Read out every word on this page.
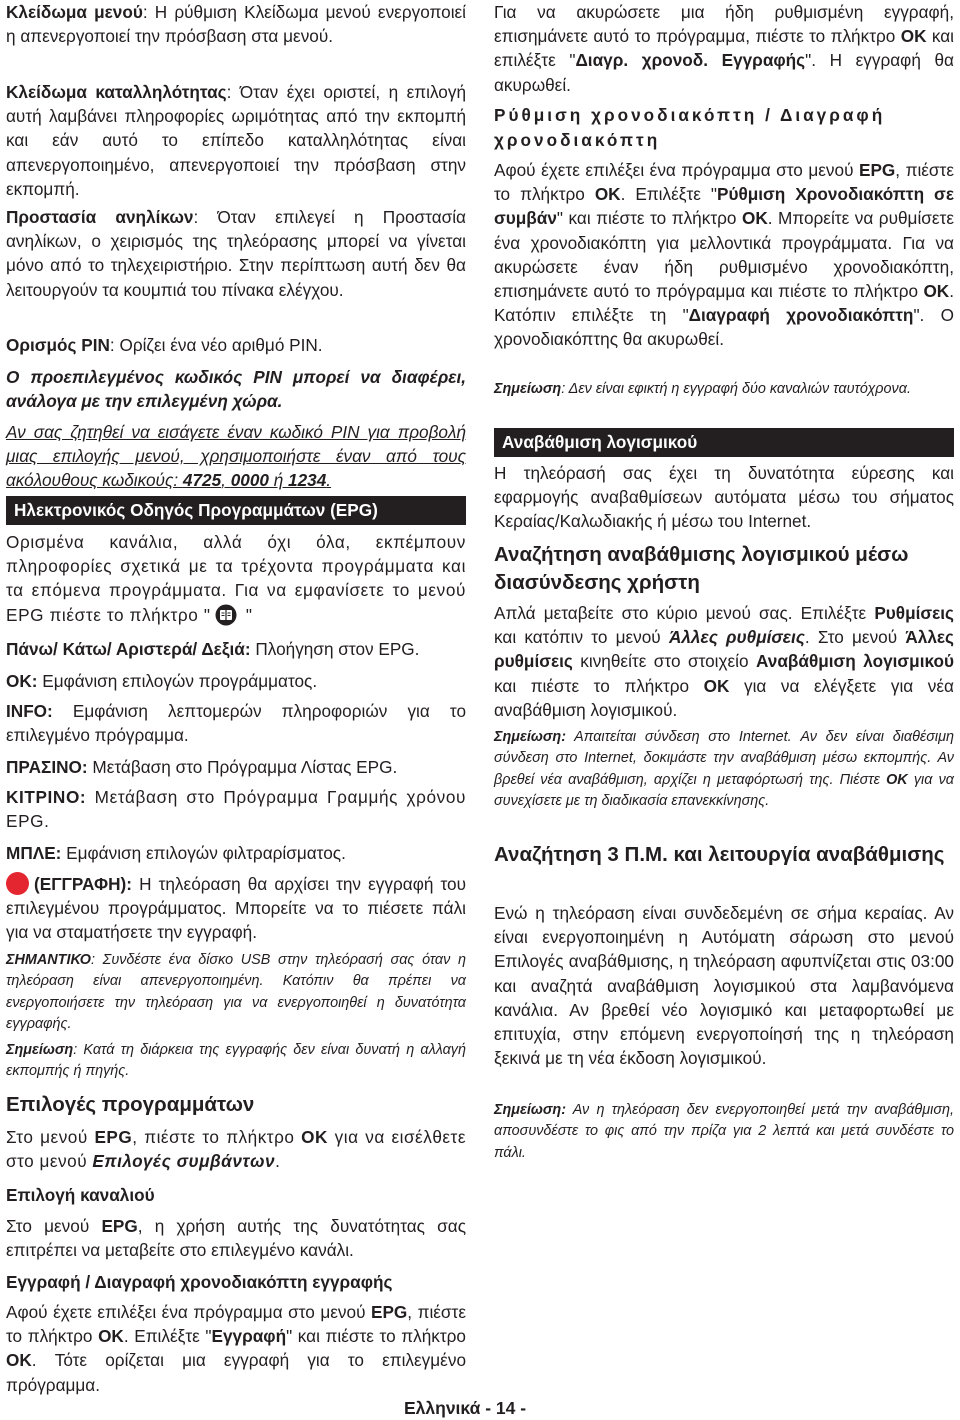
Κλείδωμα μενού: Η ρύθμιση Κλείδωμα μενού ενεργοποιεί η απενεργοποιεί την πρόσβαση στα μενού.

Κλείδωμα καταλληλότητας: Όταν έχει οριστεί, η επιλογή αυτή λαμβάνει πληροφορίες ωριμότητας από την εκπομπή και εάν αυτό το επίπεδο καταλληλότητας είναι απενεργοποιημένο, απενεργοποιεί την πρόσβαση στην εκπομπή.

Προστασία ανηλίκων: Όταν επιλεγεί η Προστασία ανηλίκων, ο χειρισμός της τηλεόρασης μπορεί να γίνεται μόνο από το τηλεχειριστήριο. Στην περίπτωση αυτή δεν θα λειτουργούν τα κουμπιά του πίνακα ελέγχου.

Ορισμός PIN: Ορίζει ένα νέο αριθμό PIN.

Ο προεπιλεγμένος κωδικός PIN μπορεί να διαφέρει, ανάλογα με την επιλεγμένη χώρα.

Αν σας ζητηθεί να εισάγετε έναν κωδικό PIN για προβολή μιας επιλογής μενού, χρησιμοποιήστε έναν από τους ακόλουθους κωδικούς: 4725, 0000 ή 1234.

Ηλεκτρονικός Οδηγός Προγραμμάτων (EPG)

Ορισμένα κανάλια, αλλά όχι όλα, εκπέμπουν πληροφορίες σχετικά με τα τρέχοντα προγράμματα και τα επόμενα προγράμματα. Για να εμφανίσετε το μενού EPG πιέστε το πλήκτρο " "

Πάνω/ Κάτω/ Αριστερά/ Δεξιά: Πλοήγηση στον EPG.

OK: Εμφάνιση επιλογών προγράμματος.

INFO: Εμφάνιση λεπτομερών πληροφοριών για το επιλεγμένο πρόγραμμα.

ΠΡΑΣΙΝΟ: Μετάβαση στο Πρόγραμμα Λίστας EPG.

ΚΙΤΡΙΝΟ: Μετάβαση στο Πρόγραμμα Γραμμής χρόνου EPG.

ΜΠΛΕ: Εμφάνιση επιλογών φιλτραρίσματος.

(ΕΓΓΡΑΦΗ): Η τηλεόραση θα αρχίσει την εγγραφή του επιλεγμένου προγράμματος. Μπορείτε να το πιέσετε πάλι για να σταματήσετε την εγγραφή.

ΣΗΜΑΝΤΙΚΟ: Συνδέστε ένα δίσκο USB στην τηλεόρασή σας όταν η τηλεόραση είναι απενεργοποιημένη. Κατόπιν θα πρέπει να ενεργοποιήσετε την τηλεόραση για να ενεργοποιηθεί η δυνατότητα εγγραφής.

Σημείωση: Κατά τη διάρκεια της εγγραφής δεν είναι δυνατή η αλλαγή εκπομπής ή πηγής.

Επιλογές προγραμμάτων

Στο μενού EPG, πιέστε το πλήκτρο OK για να εισέλθετε στο μενού Επιλογές συμβάντων.

Επιλογή καναλιού

Στο μενού EPG, η χρήση αυτής της δυνατότητας σας επιτρέπει να μεταβείτε στο επιλεγμένο κανάλι.

Εγγραφή / Διαγραφή χρονοδιακόπτη εγγραφής

Αφού έχετε επιλέξει ένα πρόγραμμα στο μενού EPG, πιέστε το πλήκτρο OK. Επιλέξτε "Εγγραφή" και πιέστε το πλήκτρο OK. Τότε ορίζεται μια εγγραφή για το επιλεγμένο πρόγραμμα.

Για να ακυρώσετε μια ήδη ρυθμισμένη εγγραφή, επισημάνετε αυτό το πρόγραμμα, πιέστε το πλήκτρο OK και επιλέξτε "Διαγρ. χρονοδ. Εγγραφής". Η εγγραφή θα ακυρωθεί.

Ρύθμιση χρονοδιακόπτη / Διαγραφή χρονοδιακόπτη

Αφού έχετε επιλέξει ένα πρόγραμμα στο μενού EPG, πιέστε το πλήκτρο OK. Επιλέξτε "Ρύθμιση Χρονοδιακόπτη σε συμβάν" και πιέστε το πλήκτρο OK. Μπορείτε να ρυθμίσετε ένα χρονοδιακόπτη για μελλοντικά προγράμματα. Για να ακυρώσετε έναν ήδη ρυθμισμένο χρονοδιακόπτη, επισημάνετε αυτό το πρόγραμμα και πιέστε το πλήκτρο OK. Κατόπιν επιλέξτε τη "Διαγραφή χρονοδιακόπτη". Ο χρονοδιακόπτης θα ακυρωθεί.

Σημείωση: Δεν είναι εφικτή η εγγραφή δύο καναλιών ταυτόχρονα.

Αναβάθμιση λογισμικού

Η τηλεόρασή σας έχει τη δυνατότητα εύρεσης και εφαρμογής αναβαθμίσεων αυτόματα μέσω του σήματος Κεραίας/Καλωδιακής ή μέσω του Internet.

Αναζήτηση αναβάθμισης λογισμικού μέσω διασύνδεσης χρήστη

Απλά μεταβείτε στο κύριο μενού σας. Επιλέξτε Ρυθμίσεις και κατόπιν το μενού Άλλες ρυθμίσεις. Στο μενού Άλλες ρυθμίσεις κινηθείτε στο στοιχείο Αναβάθμιση λογισμικού και πιέστε το πλήκτρο OK για να ελέγξετε για νέα αναβάθμιση λογισμικού.

Σημείωση: Απαιτείται σύνδεση στο Internet. Αν δεν είναι διαθέσιμη σύνδεση στο Internet, δοκιμάστε την αναβάθμιση μέσω εκπομπής. Αν βρεθεί νέα αναβάθμιση, αρχίζει η μεταφόρτωσή της. Πιέστε OK για να συνεχίσετε με τη διαδικασία επανεκκίνησης.

Αναζήτηση 3 Π.Μ. και λειτουργία αναβάθμισης

Ενώ η τηλεόραση είναι συνδεδεμένη σε σήμα κεραίας. Αν είναι ενεργοποιημένη η Αυτόματη σάρωση στο μενού Επιλογές αναβάθμισης, η τηλεόραση αφυπνίζεται στις 03:00 και αναζητά αναβάθμιση λογισμικού στα λαμβανόμενα κανάλια. Αν βρεθεί νέο λογισμικό και μεταφορτωθεί με επιτυχία, στην επόμενη ενεργοποίησή της η τηλεόραση ξεκινά με τη νέα έκδοση λογισμικού.

Σημείωση: Αν η τηλεόραση δεν ενεργοποιηθεί μετά την αναβάθμιση, αποσυνδέστε το φις από την πρίζα για 2 λεπτά και μετά συνδέστε το πάλι.

Ελληνικά - 14 -
